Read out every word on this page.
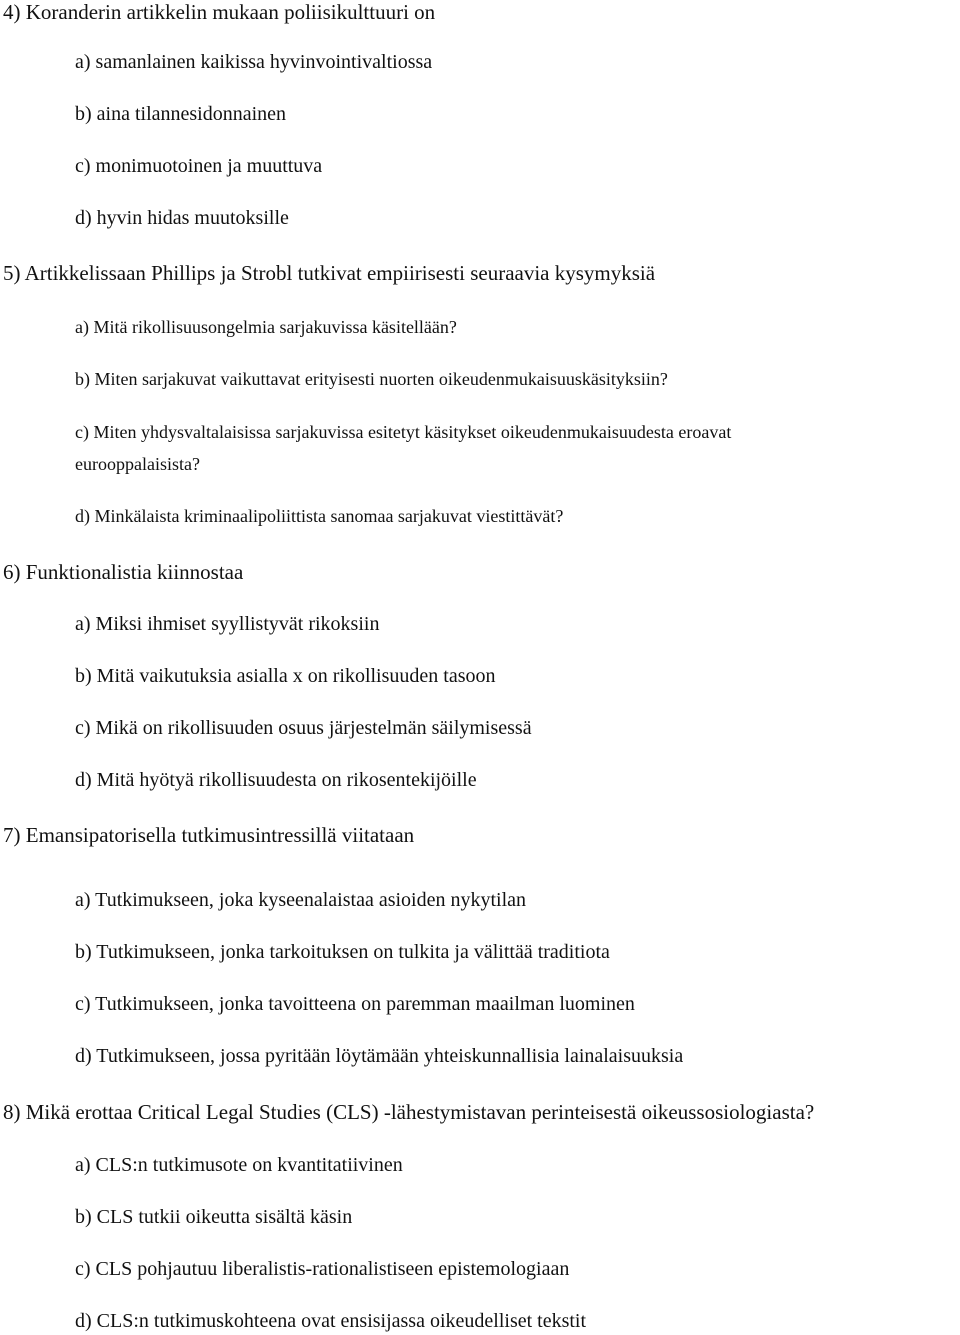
4) Koranderin artikkelin mukaan poliisikulttuuri on
a) samanlainen kaikissa hyvinvointivaltiossa
b) aina tilannesidonnainen
c) monimuotoinen ja muuttuva
d) hyvin hidas muutoksille
5) Artikkelissaan Phillips ja Strobl tutkivat empiirisesti seuraavia kysymyksiä
a) Mitä rikollisuusongelmia sarjakuvissa käsitellään?
b) Miten sarjakuvat vaikuttavat erityisesti nuorten oikeudenmukaisuuskäsityksiin?
c) Miten yhdysvaltalaisissa sarjakuvissa esitetyt käsitykset oikeudenmukaisuudesta eroavat
eurooppalaisista?
d) Minkälaista kriminaalipoliittista sanomaa sarjakuvat viestittävät?
6) Funktionalistia kiinnostaa
a) Miksi ihmiset syyllistyvät rikoksiin
b) Mitä vaikutuksia asialla x on rikollisuuden tasoon
c) Mikä on rikollisuuden osuus järjestelmän säilymisessä
d) Mitä hyötyä rikollisuudesta on rikosentekijöille
7) Emansipatorisella tutkimusintressillä viitataan
a) Tutkimukseen, joka kyseenalaistaa asioiden nykytilan
b) Tutkimukseen, jonka tarkoituksen on tulkita ja välittää traditiota
c) Tutkimukseen, jonka tavoitteena on paremman maailman luominen
d) Tutkimukseen, jossa pyritään löytämään yhteiskunnallisia lainalaisuuksia
8) Mikä erottaa Critical Legal Studies (CLS) -lähestymistavan perinteisestä oikeussosiologiasta?
a) CLS:n tutkimusote on kvantitatiivinen
b) CLS tutkii oikeutta sisältä käsin
c) CLS pohjautuu liberalistis-rationalistiseen epistemologiaan
d) CLS:n tutkimuskohteena ovat ensisijassa oikeudelliset tekstit
